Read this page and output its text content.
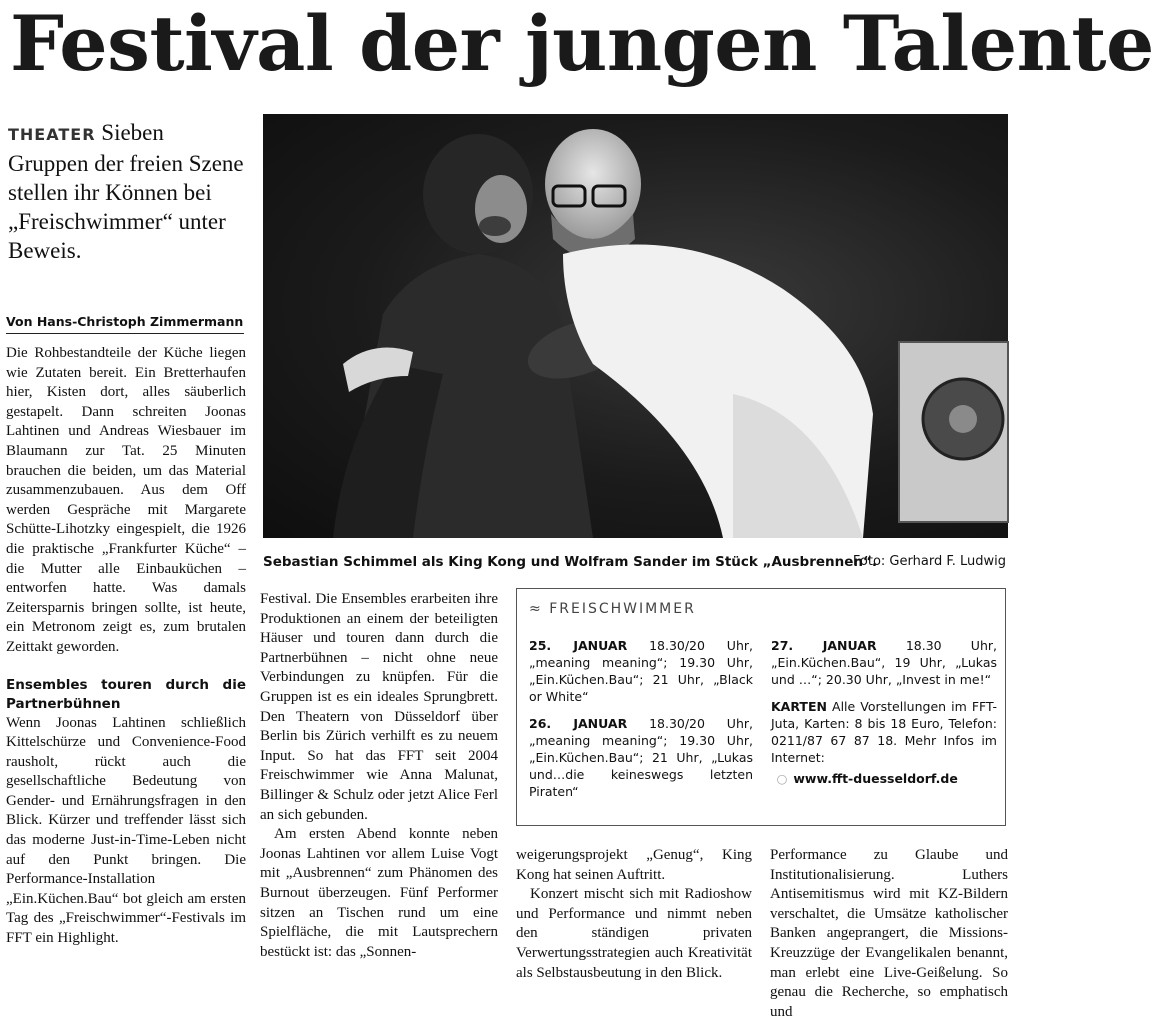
Festival der jungen Talente
THEATER Sieben Gruppen der freien Szene stellen ihr Können bei „Freischwimmer“ unter Beweis.
Von Hans-Christoph Zimmermann
Sebastian Schimmel als King Kong und Wolfram Sander im Stück „Ausbrennen“.
Foto: Gerhard F. Ludwig

Die Rohbestandteile der Küche liegen wie Zutaten bereit. Ein Bretterhaufen hier, Kisten dort, alles säuberlich gestapelt. Dann schreiten Joonas Lahtinen und Andreas Wiesbauer im Blaumann zur Tat. 25 Minuten brauchen die beiden, um das Material zusammenzubauen. Aus dem Off werden Gespräche mit Margarete Schütte-Lihotzky eingespielt, die 1926 die praktische „Frankfurter Küche“ – die Mutter alle Einbauküchen – entworfen hatte. Was damals Zeitersparnis bringen sollte, ist heute, ein Metronom zeigt es, zum brutalen Zeittakt geworden.

Ensembles touren durch die Partnerbühnen

Wenn Joonas Lahtinen schließlich Kittelschürze und Convenience-Food rausholt, rückt auch die gesellschaftliche Bedeutung von Gender- und Ernährungsfragen in den Blick. Kürzer und treffender lässt sich das moderne Just-in-Time-Leben nicht auf den Punkt bringen. Die Performance-Installation „Ein.Küchen.Bau“ bot gleich am ersten Tag des „Freischwimmer“-Festivals im FFT ein Highlight.

Festival. Die Ensembles erarbeiten ihre Produktionen an einem der beteiligten Häuser und touren dann durch die Partnerbühnen – nicht ohne neue Verbindungen zu knüpfen. Für die Gruppen ist es ein ideales Sprungbrett. Den Theatern von Düsseldorf über Berlin bis Zürich verhilft es zu neuem Input. So hat das FFT seit 2004 Freischwimmer wie Anna Malunat, Billinger & Schulz oder jetzt Alice Ferl an sich gebunden.

Am ersten Abend konnte neben Joonas Lahtinen vor allem Luise Vogt mit „Ausbrennen“ zum Phänomen des Burnout überzeugen. Fünf Performer sitzen an Tischen rund um eine Spielfläche, die mit Lautsprechern bestückt ist: das „Sonnen-

≈ FREISCHWIMMER

25. JANUAR 18.30/20 Uhr, „meaning meaning“; 19.30 Uhr, „Ein.Küchen.Bau“; 21 Uhr, „Black or White“

26. JANUAR 18.30/20 Uhr, „meaning meaning“; 19.30 Uhr, „Ein.Küchen.Bau“; 21 Uhr, „Lukas und…die keineswegs letzten Piraten“

27. JANUAR 18.30 Uhr, „Ein.Küchen.Bau“, 19 Uhr, „Lukas und …“; 20.30 Uhr, „Invest in me!“

KARTEN Alle Vorstellungen im FFT-Juta, Karten: 8 bis 18 Euro, Telefon: 0211/87 67 87 18. Mehr Infos im Internet:

○ www.fft-duesseldorf.de

weigerungsprojekt „Genug“, King Kong hat seinen Auftritt.

Konzert mischt sich mit Radioshow und Performance und nimmt neben den ständigen privaten Verwertungsstrategien auch Kreativität als Selbstausbeutung in den Blick.

Performance zu Glaube und Institutionalisierung. Luthers Antisemitismus wird mit KZ-Bildern verschaltet, die Umsätze katholischer Banken angeprangert, die Missions-Kreuzzüge der Evangelikalen benannt, man erlebt eine Live-Geißelung. So genau die Recherche, so emphatisch und
